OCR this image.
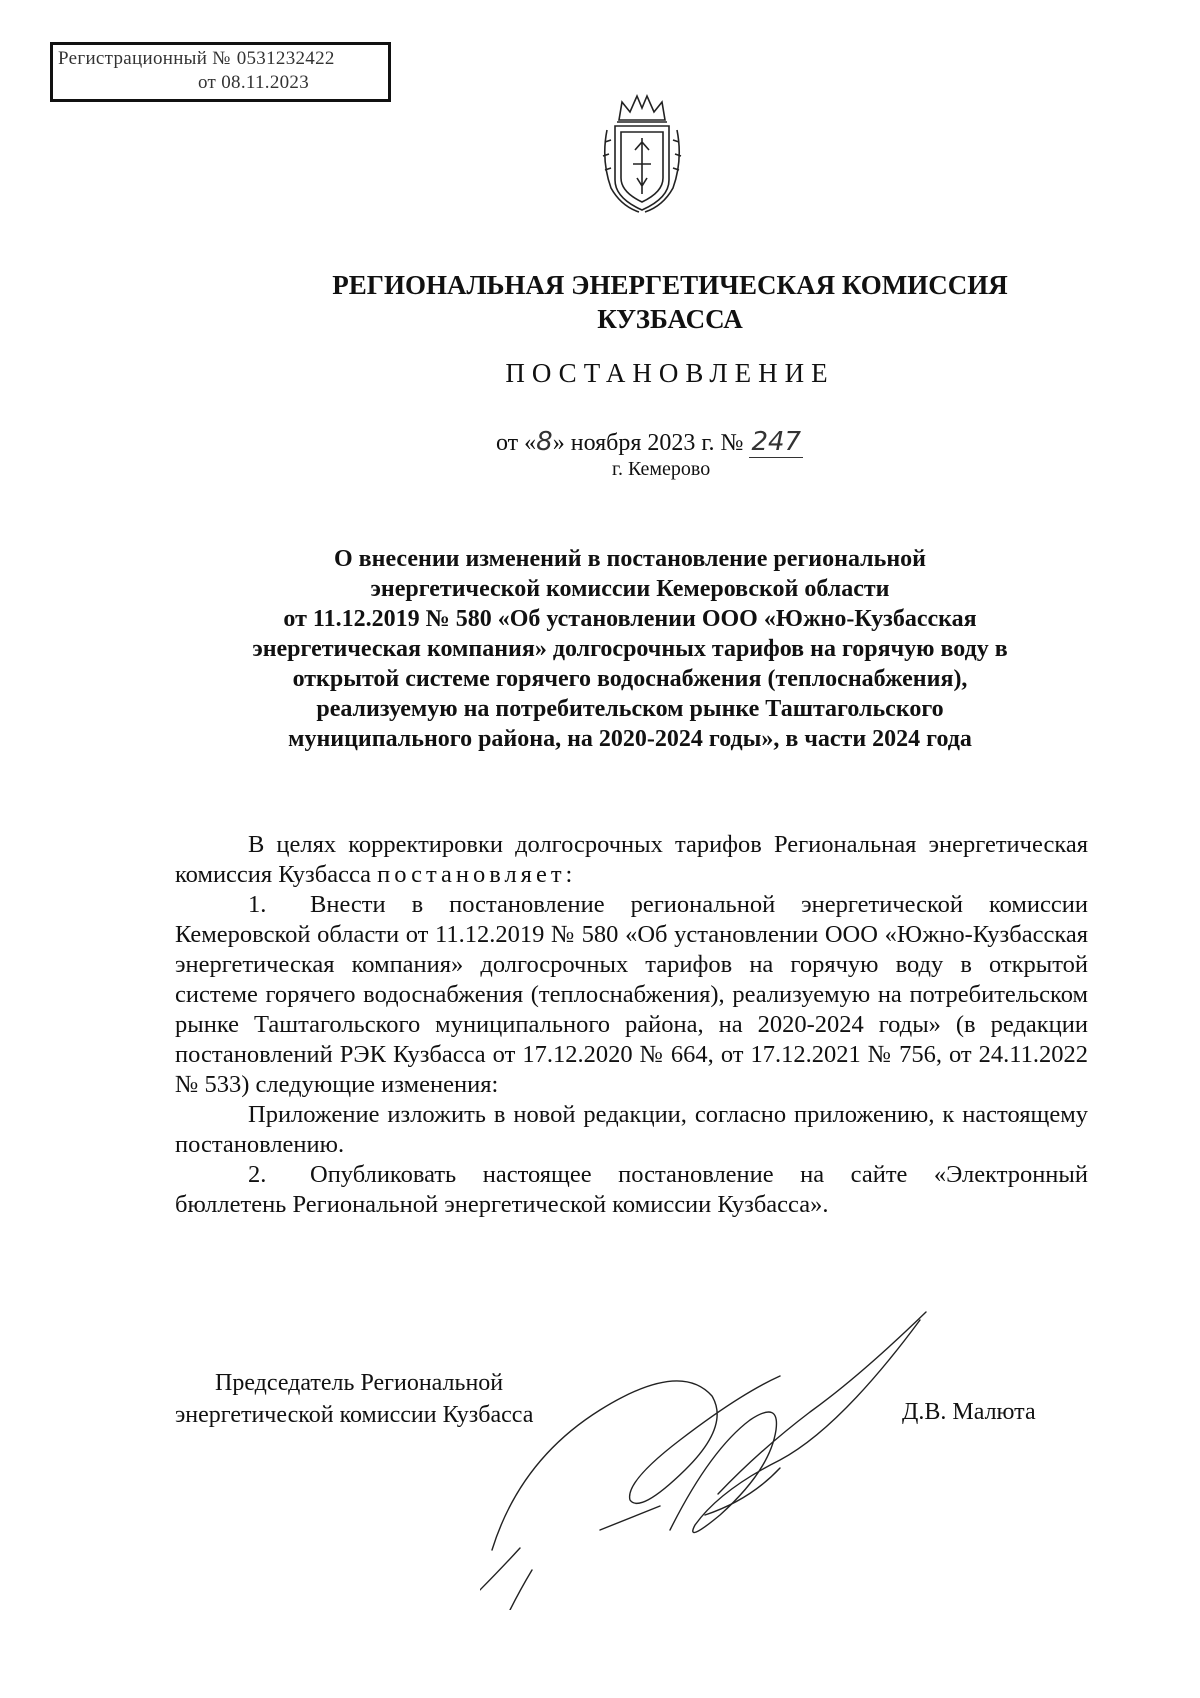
Регистрационный № 0531232422
от 08.11.2023
РЕГИОНАЛЬНАЯ ЭНЕРГЕТИЧЕСКАЯ КОМИССИЯ
КУЗБАССА
ПОСТАНОВЛЕНИЕ
от «8» ноября 2023 г. № 247
г. Кемерово
О внесении изменений в постановление региональной
энергетической комиссии Кемеровской области
от 11.12.2019 № 580 «Об установлении ООО «Южно-Кузбасская
энергетическая компания» долгосрочных тарифов на горячую воду в
открытой системе горячего водоснабжения (теплоснабжения),
реализуемую на потребительском рынке Таштагольского
муниципального района, на 2020-2024 годы», в части 2024 года

В целях корректировки долгосрочных тарифов Региональная энергетическая комиссия Кузбасса постановляет:

1. Внести в постановление региональной энергетической комиссии Кемеровской области от 11.12.2019 № 580 «Об установлении ООО «Южно-Кузбасская энергетическая компания» долгосрочных тарифов на горячую воду в открытой системе горячего водоснабжения (теплоснабжения), реализуемую на потребительском рынке Таштагольского муниципального района, на 2020-2024 годы» (в редакции постановлений РЭК Кузбасса от 17.12.2020 № 664, от 17.12.2021 № 756, от 24.11.2022 № 533) следующие изменения:

Приложение изложить в новой редакции, согласно приложению, к настоящему постановлению.

2. Опубликовать настоящее постановление на сайте «Электронный бюллетень Региональной энергетической комиссии Кузбасса».

Председатель Региональной
энергетической комиссии Кузбасса	Д.В. Малюта
